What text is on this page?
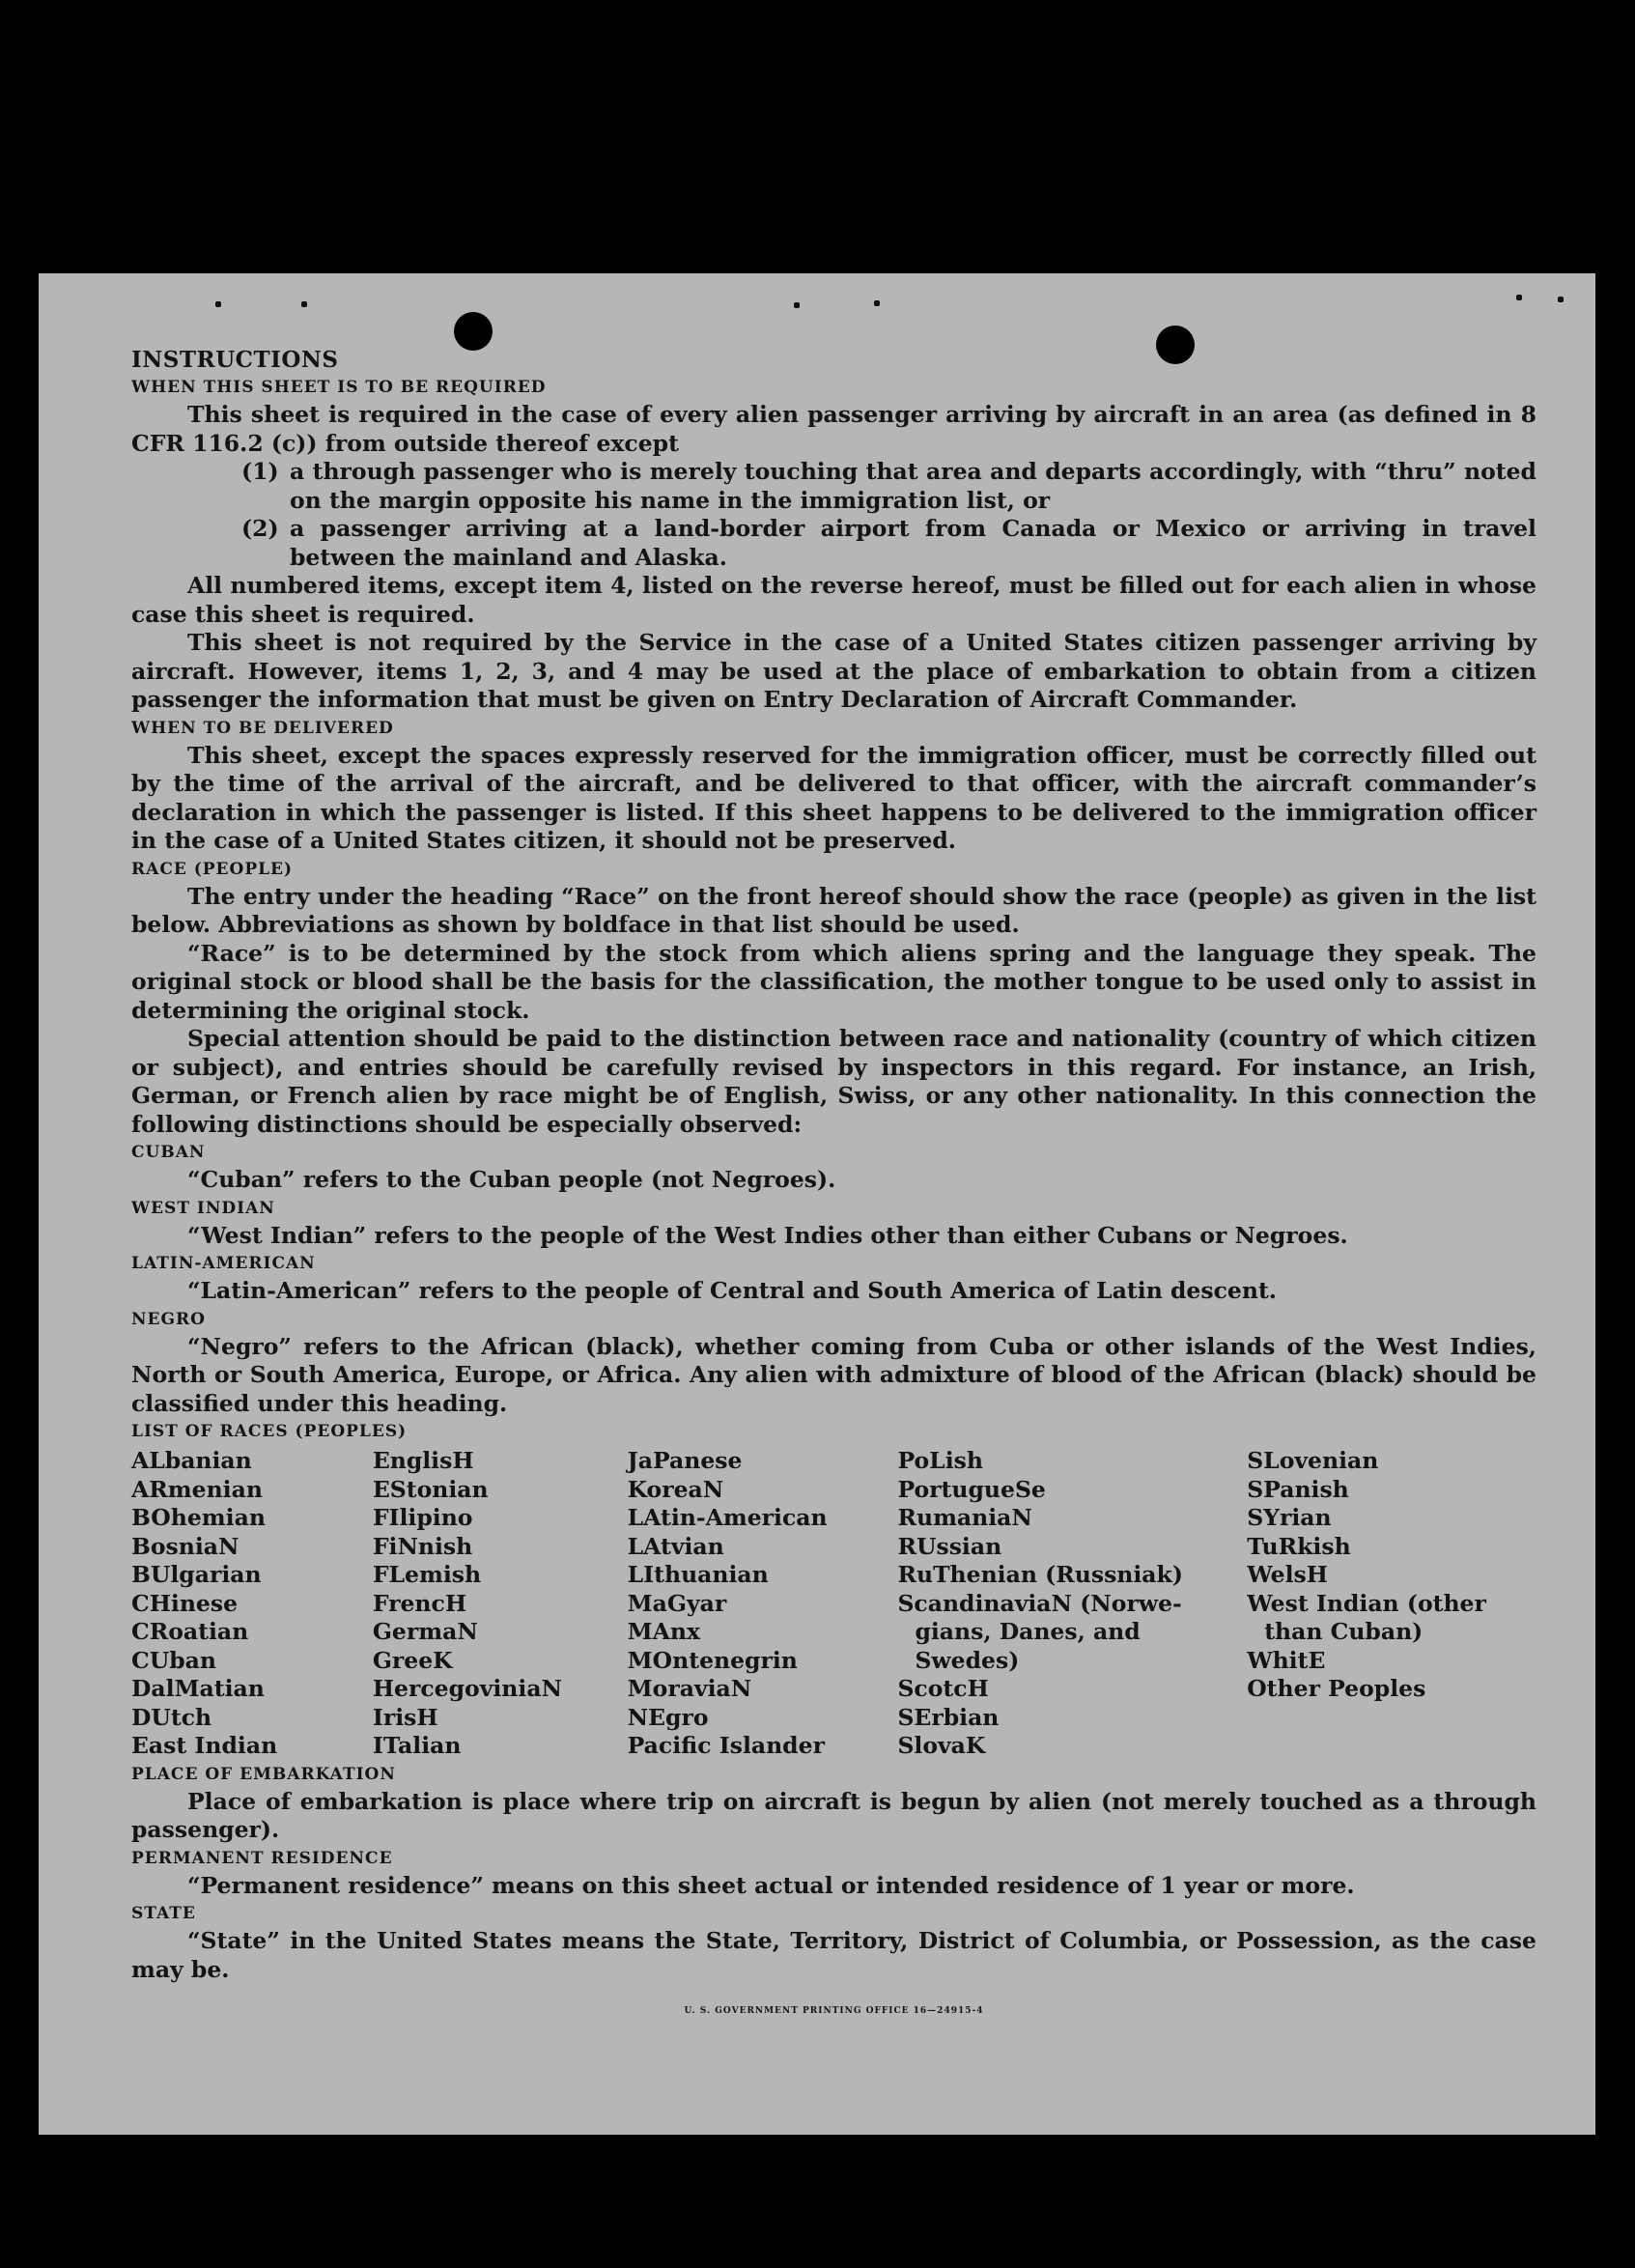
INSTRUCTIONS

WHEN THIS SHEET IS TO BE REQUIRED

This sheet is required in the case of every alien passenger arriving by aircraft in an area (as defined in 8 CFR 116.2 (c)) from outside thereof except

(1) a through passenger who is merely touching that area and departs accordingly, with “thru” noted on the margin opposite his name in the immigration list, or
(2) a passenger arriving at a land-border airport from Canada or Mexico or arriving in travel between the mainland and Alaska.

All numbered items, except item 4, listed on the reverse hereof, must be filled out for each alien in whose case this sheet is required.

This sheet is not required by the Service in the case of a United States citizen passenger arriving by aircraft. However, items 1, 2, 3, and 4 may be used at the place of embarkation to obtain from a citizen passenger the information that must be given on Entry Declaration of Aircraft Commander.

WHEN TO BE DELIVERED

This sheet, except the spaces expressly reserved for the immigration officer, must be correctly filled out by the time of the arrival of the aircraft, and be delivered to that officer, with the aircraft commander’s declaration in which the passenger is listed. If this sheet happens to be delivered to the immigration officer in the case of a United States citizen, it should not be preserved.

RACE (PEOPLE)

The entry under the heading “Race” on the front hereof should show the race (people) as given in the list below. Abbreviations as shown by boldface in that list should be used.

“Race” is to be determined by the stock from which aliens spring and the language they speak. The original stock or blood shall be the basis for the classification, the mother tongue to be used only to assist in determining the original stock.

Special attention should be paid to the distinction between race and nationality (country of which citizen or subject), and entries should be carefully revised by inspectors in this regard. For instance, an Irish, German, or French alien by race might be of English, Swiss, or any other nationality. In this connection the following distinctions should be especially observed:

CUBAN

“Cuban” refers to the Cuban people (not Negroes).

WEST INDIAN

“West Indian” refers to the people of the West Indies other than either Cubans or Negroes.

LATIN-AMERICAN

“Latin-American” refers to the people of Central and South America of Latin descent.

NEGRO

“Negro” refers to the African (black), whether coming from Cuba or other islands of the West Indies, North or South America, Europe, or Africa. Any alien with admixture of blood of the African (black) should be classified under this heading.

LIST OF RACES (PEOPLES)

ALbanian
ARmenian
BOhemian
BosniaN
BUlgarian
CHinese
CRoatian
CUban
DalMatian
DUtch
East Indian
EnglisH
EStonian
FIlipino
FiNnish
FLemish
FrencH
GermaN
GreeK
HercegovinіaN
IrisH
ITalian
JaPanese
KoreaN
LAtin-American
LAtvian
LIthuanian
MaGyar
MAnx
MOntenegrin
MoraviaN
NEgro
Pacific Islander
PoLish
PortugueSe
RumaniaN
RUssian
RuThenian (Russniak)
ScandinaviaN (Norwe-
gians, Danes, and
Swedes)
ScotcH
SErbian
SlovaK
SLovenian
SPanish
SYrian
TuRkish
WelsH
West Indian (other
than Cuban)
WhitE
Other Peoples

PLACE OF EMBARKATION

Place of embarkation is place where trip on aircraft is begun by alien (not merely touched as a through passenger).

PERMANENT RESIDENCE

“Permanent residence” means on this sheet actual or intended residence of 1 year or more.

STATE

“State” in the United States means the State, Territory, District of Columbia, or Possession, as the case may be.

U. S. GOVERNMENT PRINTING OFFICE 16—24915-4
